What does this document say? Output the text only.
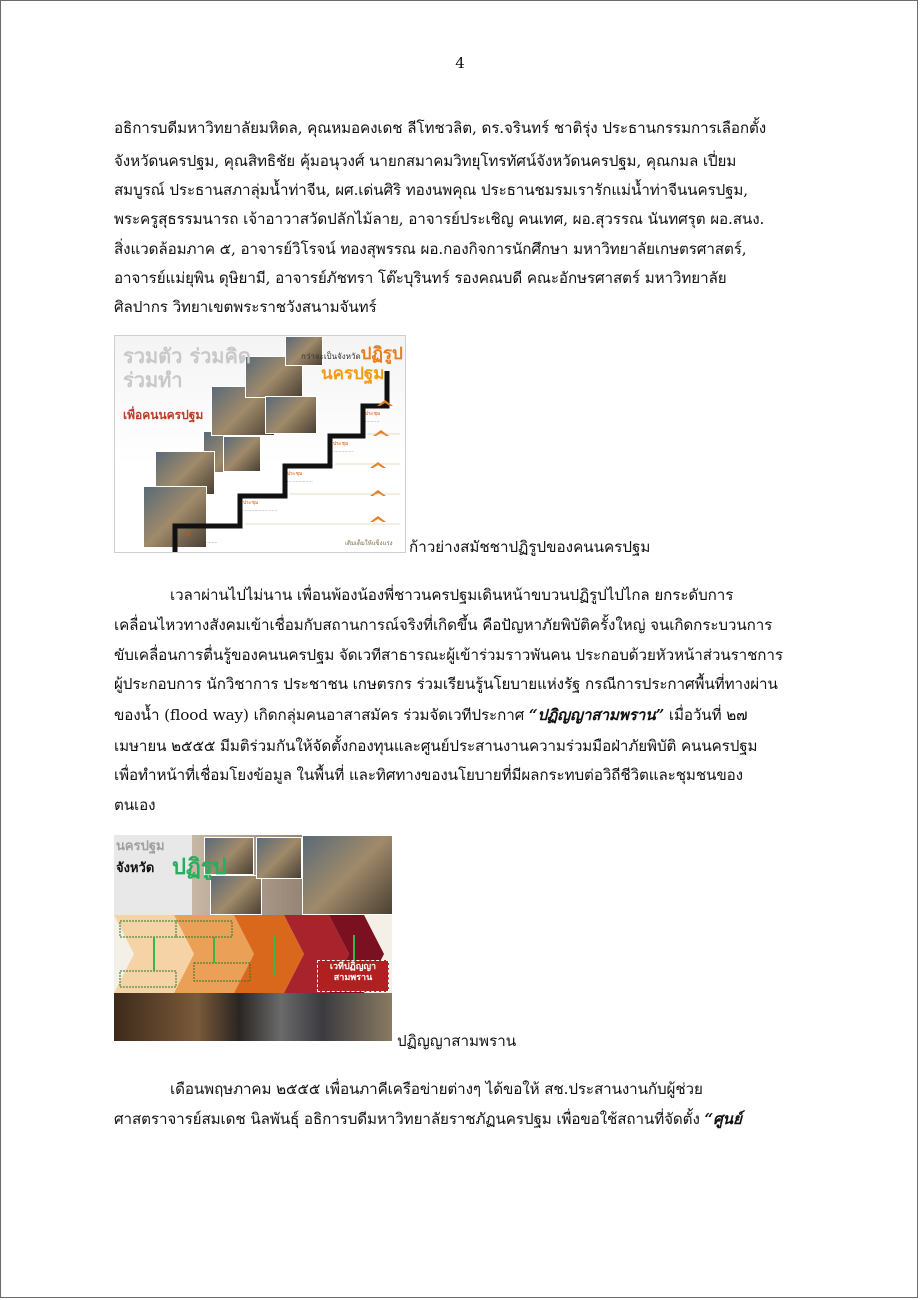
4
อธิการบดีมหาวิทยาลัยมหิดล, คุณหมอคงเดช ลีโทชวลิต, ดร.จรินทร์ ชาติรุ่ง ประธานกรรมการเลือกตั้ง
จังหวัดนครปฐม, คุณสิทธิชัย คุ้มอนุวงศ์ นายกสมาคมวิทยุโทรทัศน์จังหวัดนครปฐม, คุณกมล เปี่ยม
สมบูรณ์ ประธานสภาลุ่มน้ำท่าจีน, ผศ.เด่นศิริ ทองนพคุณ ประธานชมรมเรารักแม่น้ำท่าจีนนครปฐม,
พระครูสุธรรมนารถ เจ้าอาวาสวัดปลักไม้ลาย, อาจารย์ประเชิญ คนเทศ, ผอ.สุวรรณ นันทศรุต ผอ.สนง.
สิ่งแวดล้อมภาค ๕, อาจารย์วิโรจน์ ทองสุพรรณ ผอ.กองกิจการนักศึกษา มหาวิทยาลัยเกษตรศาสตร์,
อาจารย์แม่ยุพิน ดุษิยามี, อาจารย์ภัชทรา โต๊ะบุรินทร์ รองคณบดี คณะอักษรศาสตร์ มหาวิทยาลัย
ศิลปากร วิทยาเขตพระราชวังสนามจันทร์
เวที
ประชุม
ประชุม
ประชุม
ประชุม
........................
........................
..................
..............
..........
รวมตัว ร่วมคิด
ร่วมทำ
เพื่อคนนครปฐม
กว่าจะเป็นจังหวัดปฏิรูป
นครปฐม
เติมเต็มให้แข็งแรง ก้าวย่างสมัชชาปฏิรูปของคนนครปฐม
เวลาผ่านไปไม่นาน เพื่อนพ้องน้องพี่ชาวนครปฐมเดินหน้าขบวนปฏิรูปไปไกล ยกระดับการ
เคลื่อนไหวทางสังคมเข้าเชื่อมกับสถานการณ์จริงที่เกิดขึ้น คือปัญหาภัยพิบัติครั้งใหญ่ จนเกิดกระบวนการ
ขับเคลื่อนการตื่นรู้ของคนนครปฐม จัดเวทีสาธารณะผู้เข้าร่วมราวพันคน ประกอบด้วยหัวหน้าส่วนราชการ
ผู้ประกอบการ นักวิชาการ ประชาชน เกษตรกร ร่วมเรียนรู้นโยบายแห่งรัฐ กรณีการประกาศพื้นที่ทางผ่าน
ของน้ำ (flood way) เกิดกลุ่มคนอาสาสมัคร ร่วมจัดเวทีประกาศ “ปฏิญญาสามพราน” เมื่อวันที่ ๒๗
เมษายน ๒๕๕๕ มีมติร่วมกันให้จัดตั้งกองทุนและศูนย์ประสานงานความร่วมมือฝ่าภัยพิบัติ คนนครปฐม
เพื่อทำหน้าที่เชื่อมโยงข้อมูล ในพื้นที่ และทิศทางของนโยบายที่มีผลกระทบต่อวิถีชีวิตและชุมชนของ
ตนเอง
นครปฐม
จังหวัด ปฏิรูป
เวทีปฏิญญา สามพราน
ปฏิญญาสามพราน
เดือนพฤษภาคม ๒๕๕๕ เพื่อนภาคีเครือข่ายต่างๆ ได้ขอให้ สช.ประสานงานกับผู้ช่วย
ศาสตราจารย์สมเดช นิลพันธุ์ อธิการบดีมหาวิทยาลัยราชภัฏนครปฐม เพื่อขอใช้สถานที่จัดตั้ง “ศูนย์
